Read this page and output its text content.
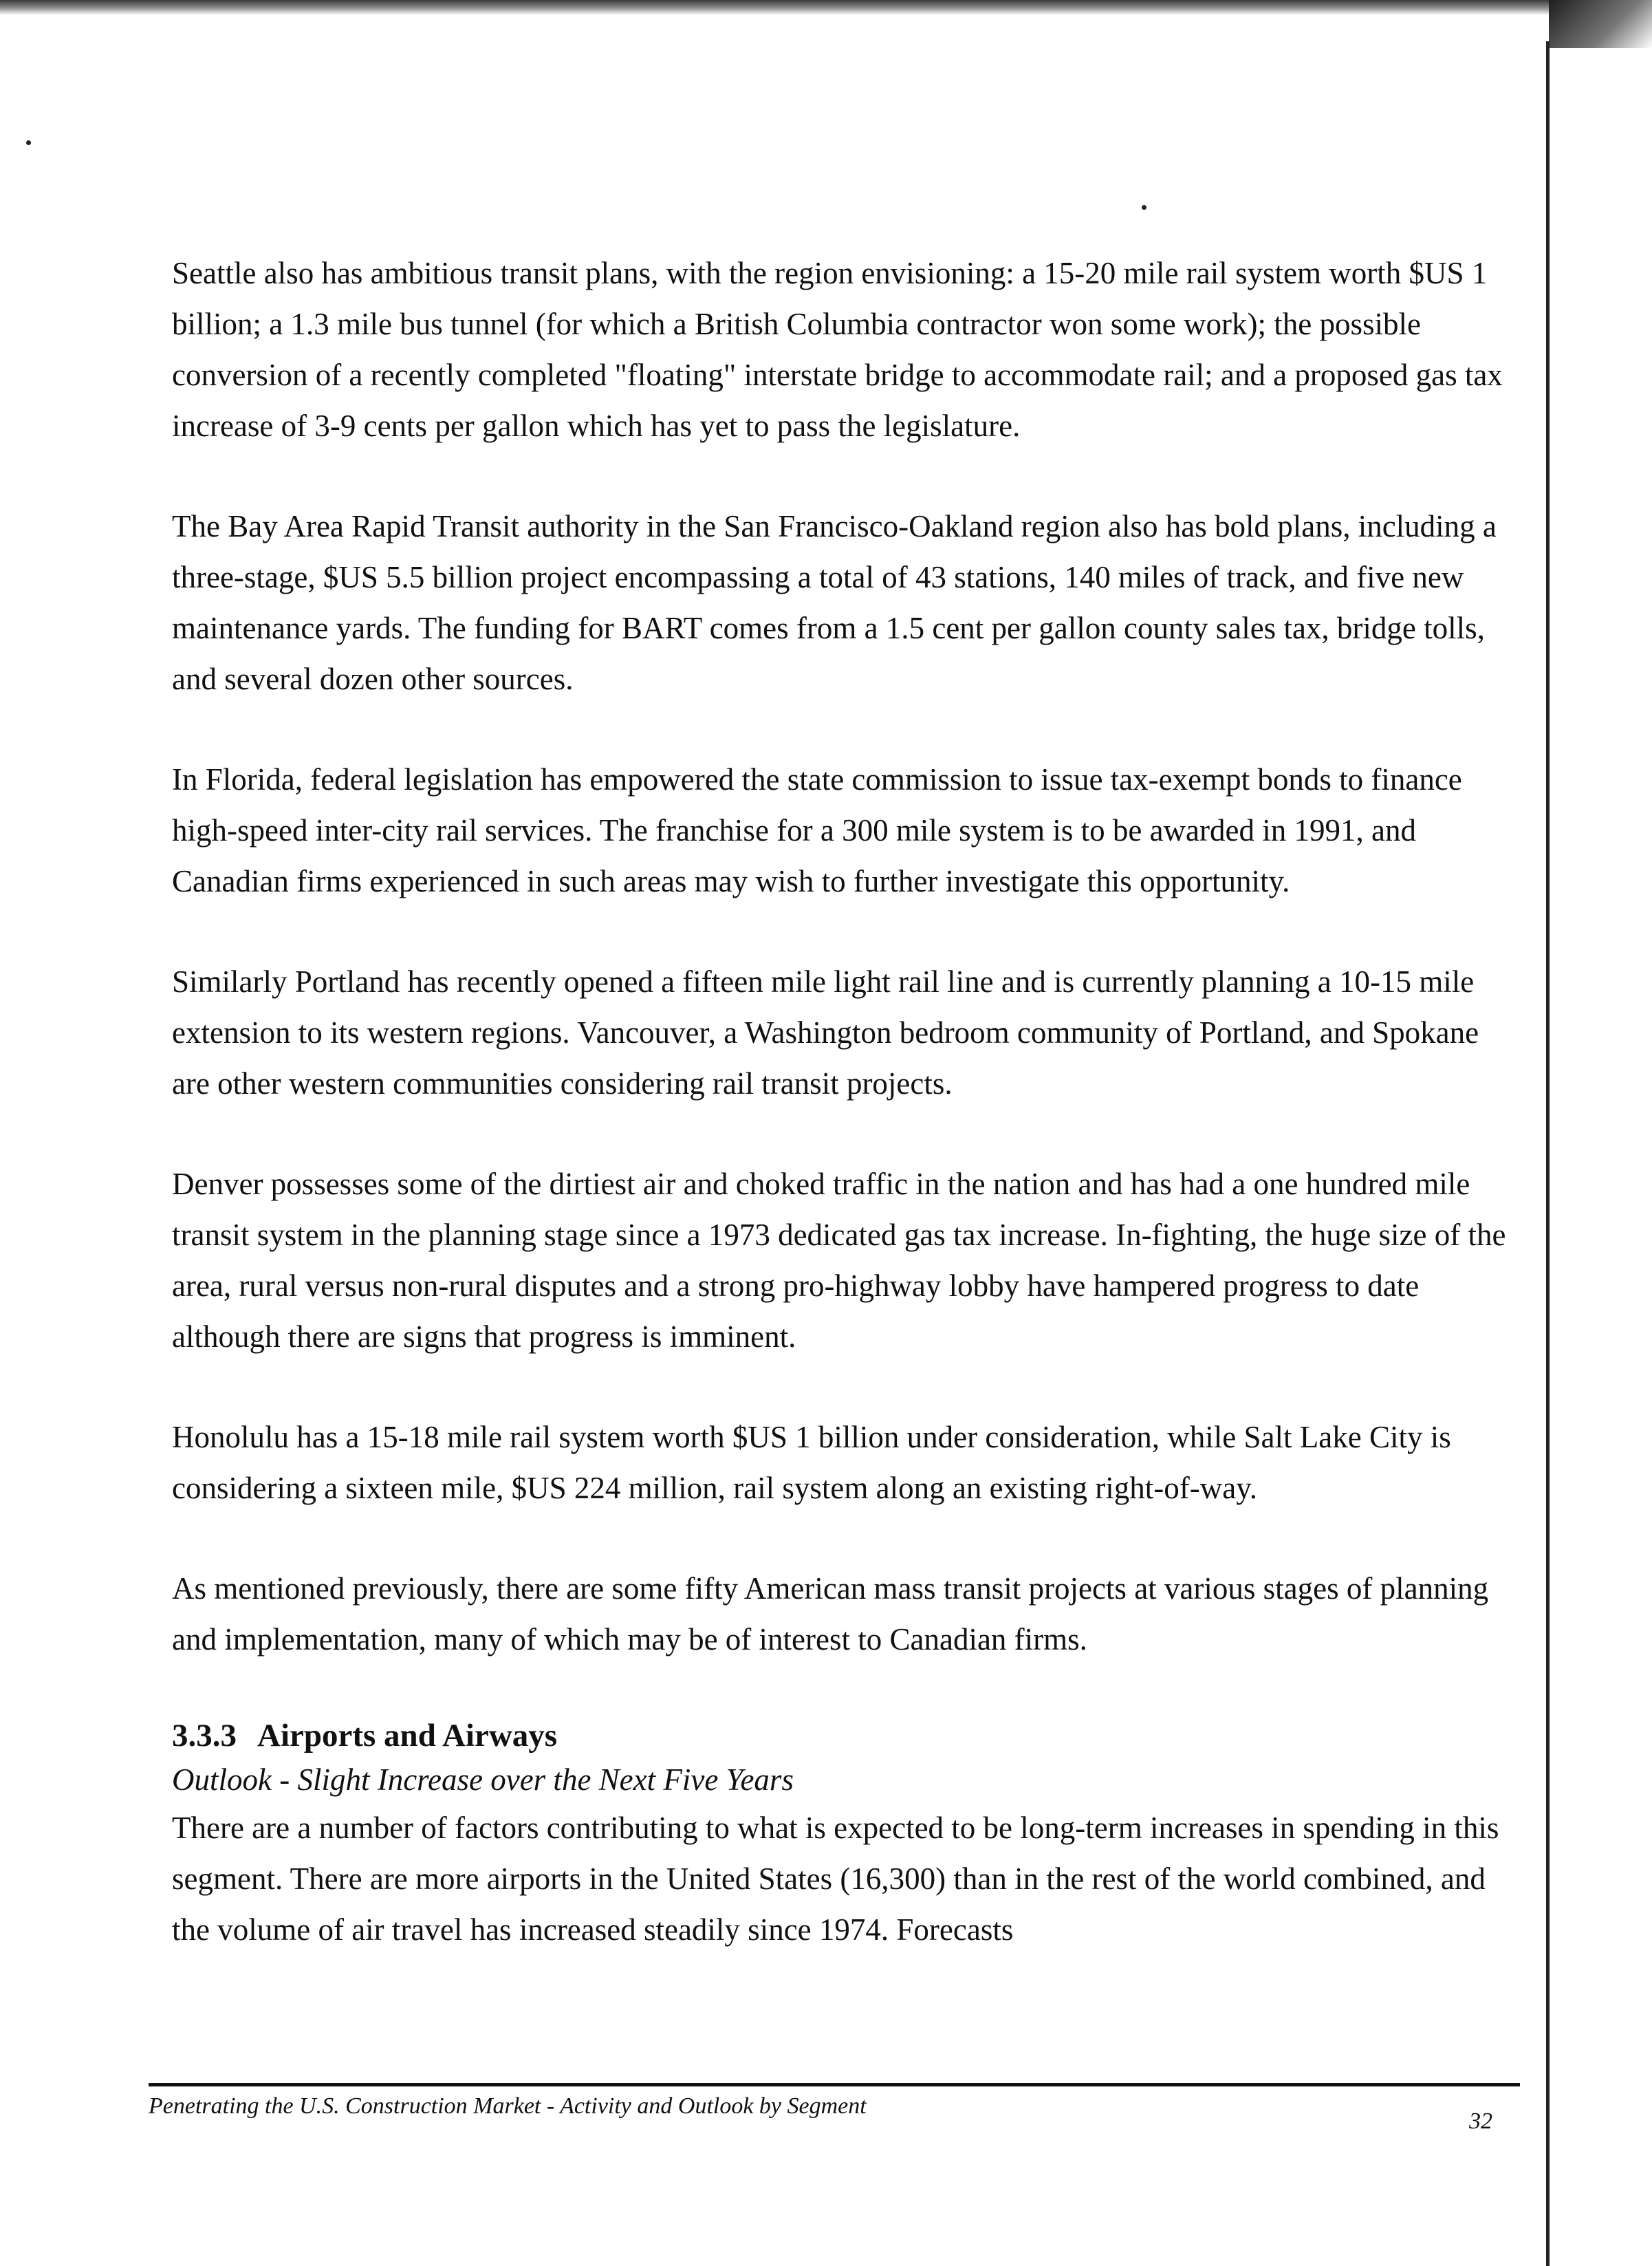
Seattle also has ambitious transit plans, with the region envisioning: a 15-20 mile rail system worth $US 1 billion; a 1.3 mile bus tunnel (for which a British Columbia contractor won some work); the possible conversion of a recently completed "floating" interstate bridge to accommodate rail; and a proposed gas tax increase of 3-9 cents per gallon which has yet to pass the legislature.

The Bay Area Rapid Transit authority in the San Francisco-Oakland region also has bold plans, including a three-stage, $US 5.5 billion project encompassing a total of 43 stations, 140 miles of track, and five new maintenance yards. The funding for BART comes from a 1.5 cent per gallon county sales tax, bridge tolls, and several dozen other sources.

In Florida, federal legislation has empowered the state commission to issue tax-exempt bonds to finance high-speed inter-city rail services. The franchise for a 300 mile system is to be awarded in 1991, and Canadian firms experienced in such areas may wish to further investigate this opportunity.

Similarly Portland has recently opened a fifteen mile light rail line and is currently planning a 10-15 mile extension to its western regions. Vancouver, a Washington bedroom community of Portland, and Spokane are other western communities considering rail transit projects.

Denver possesses some of the dirtiest air and choked traffic in the nation and has had a one hundred mile transit system in the planning stage since a 1973 dedicated gas tax increase. In-fighting, the huge size of the area, rural versus non-rural disputes and a strong pro-highway lobby have hampered progress to date although there are signs that progress is imminent.

Honolulu has a 15-18 mile rail system worth $US 1 billion under consideration, while Salt Lake City is considering a sixteen mile, $US 224 million, rail system along an existing right-of-way.

As mentioned previously, there are some fifty American mass transit projects at various stages of planning and implementation, many of which may be of interest to Canadian firms.

3.3.3 Airports and Airways

Outlook - Slight Increase over the Next Five Years

There are a number of factors contributing to what is expected to be long-term increases in spending in this segment. There are more airports in the United States (16,300) than in the rest of the world combined, and the volume of air travel has increased steadily since 1974. Forecasts

Penetrating the U.S. Construction Market - Activity and Outlook by Segment
32
